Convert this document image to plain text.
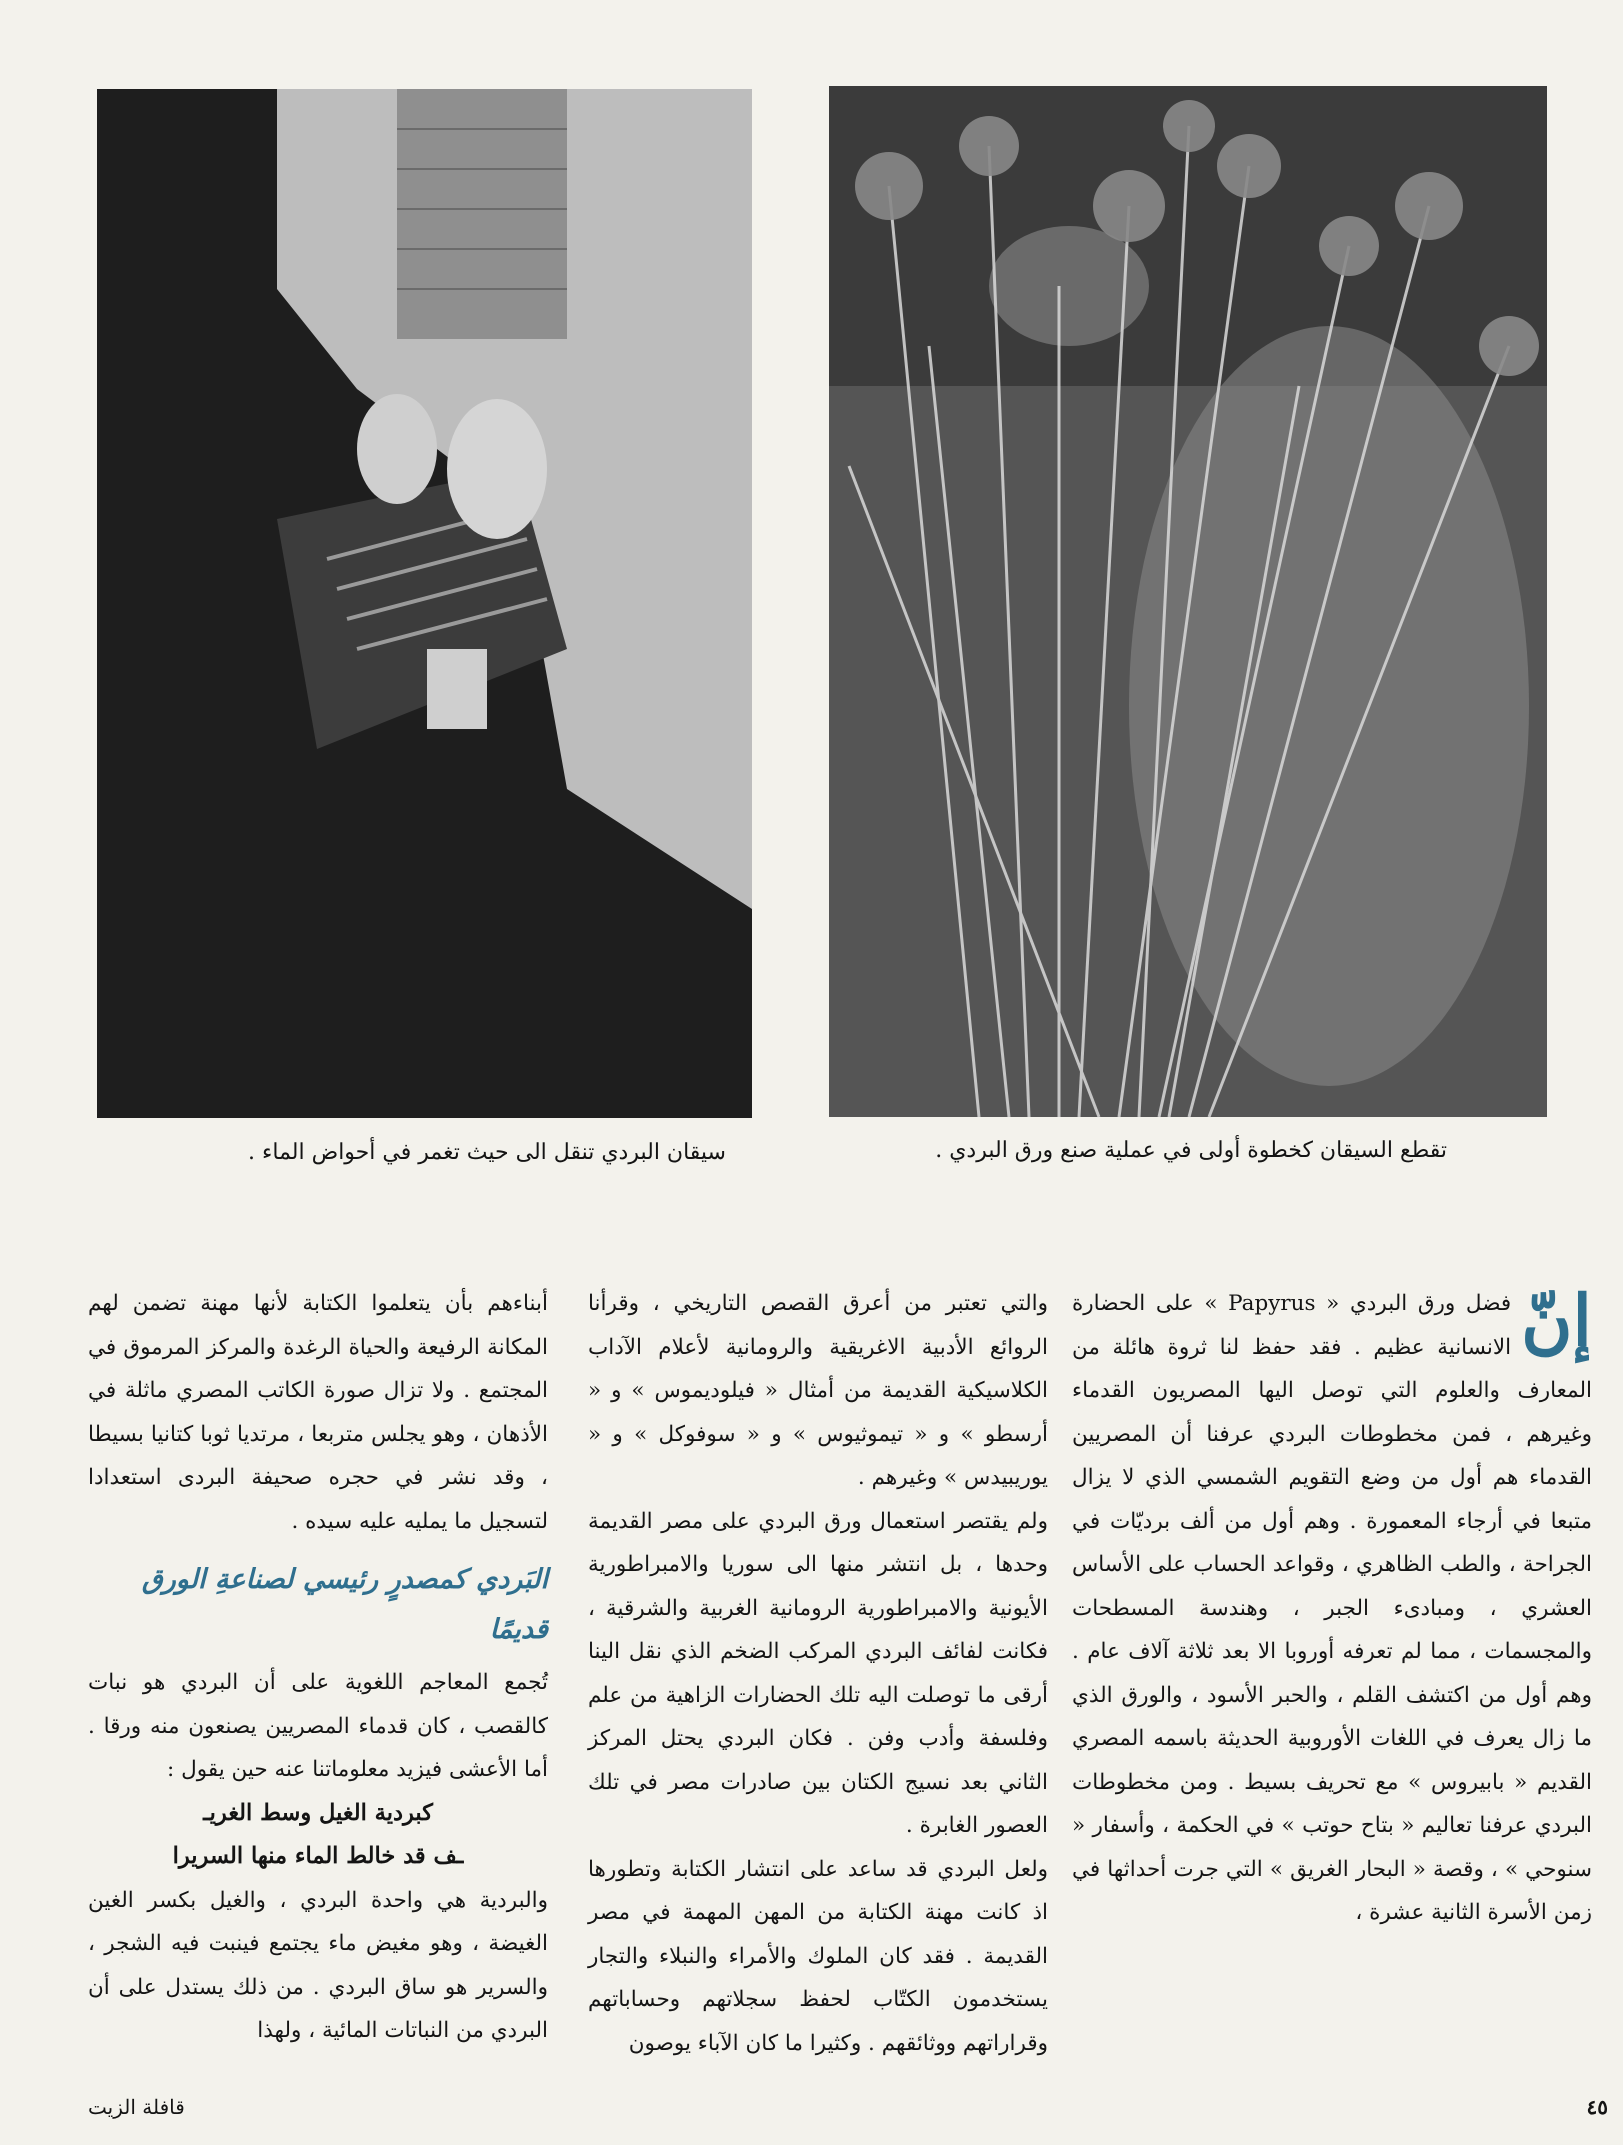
تقطع السيقان كخطوة أولى في عملية صنع ورق البردي .
سيقان البردي تنقل الى حيث تغمر في أحواض الماء .
إنّ

فضل ورق البردي « Papyrus » على الحضارة الانسانية عظيم . فقد حفظ لنا ثروة هائلة من المعارف والعلوم التي توصل اليها المصريون القدماء وغيرهم ، فمن مخطوطات البردي عرفنا أن المصريين القدماء هم أول من وضع التقويم الشمسي الذي لا يزال متبعا في أرجاء المعمورة . وهم أول من ألف برديّات في الجراحة ، والطب الظاهري ، وقواعد الحساب على الأساس العشري ، ومبادىء الجبر ، وهندسة المسطحات والمجسمات ، مما لم تعرفه أوروبا الا بعد ثلاثة آلاف عام . وهم أول من اكتشف القلم ، والحبر الأسود ، والورق الذي ما زال يعرف في اللغات الأوروبية الحديثة باسمه المصري القديم « بابيروس » مع تحريف بسيط . ومن مخطوطات البردي عرفنا تعاليم « بتاح حوتب » في الحكمة ، وأسفار « سنوحي » ، وقصة « البحار الغريق » التي جرت أحداثها في زمن الأسرة الثانية عشرة ،

والتي تعتبر من أعرق القصص التاريخي ، وقرأنا الروائع الأدبية الاغريقية والرومانية لأعلام الآداب الكلاسيكية القديمة من أمثال « فيلوديموس » و « أرسطو » و « تيموثيوس » و « سوفوكل » و « يوريبيدس » وغيرهم .

ولم يقتصر استعمال ورق البردي على مصر القديمة وحدها ، بل انتشر منها الى سوريا والامبراطورية الأيونية والامبراطورية الرومانية الغربية والشرقية ، فكانت لفائف البردي المركب الضخم الذي نقل الينا أرقى ما توصلت اليه تلك الحضارات الزاهية من علم وفلسفة وأدب وفن . فكان البردي يحتل المركز الثاني بعد نسيج الكتان بين صادرات مصر في تلك العصور الغابرة .

ولعل البردي قد ساعد على انتشار الكتابة وتطورها اذ كانت مهنة الكتابة من المهن المهمة في مصر القديمة . فقد كان الملوك والأمراء والنبلاء والتجار يستخدمون الكتّاب لحفظ سجلاتهم وحساباتهم وقراراتهم ووثائقهم . وكثيرا ما كان الآباء يوصون

أبناءهم بأن يتعلموا الكتابة لأنها مهنة تضمن لهم المكانة الرفيعة والحياة الرغدة والمركز المرموق في المجتمع . ولا تزال صورة الكاتب المصري ماثلة في الأذهان ، وهو يجلس متربعا ، مرتديا ثوبا كتانيا بسيطا ، وقد نشر في حجره صحيفة البردى استعدادا لتسجيل ما يمليه عليه سيده .

البَردي كمصدرٍ رئيسي لصناعةِ الورق قديمًا

تُجمع المعاجم اللغوية على أن البردي هو نبات كالقصب ، كان قدماء المصريين يصنعون منه ورقا . أما الأعشى فيزيد معلوماتنا عنه حين يقول :

كبردية الغيل وسط الغريـ

ـف قد خالط الماء منها السريرا

والبردية هي واحدة البردي ، والغيل بكسر الغين الغيضة ، وهو مغيض ماء يجتمع فينبت فيه الشجر ، والسرير هو ساق البردي . من ذلك يستدل على أن البردي من النباتات المائية ، ولهذا

٤٥
قافلة الزيت
